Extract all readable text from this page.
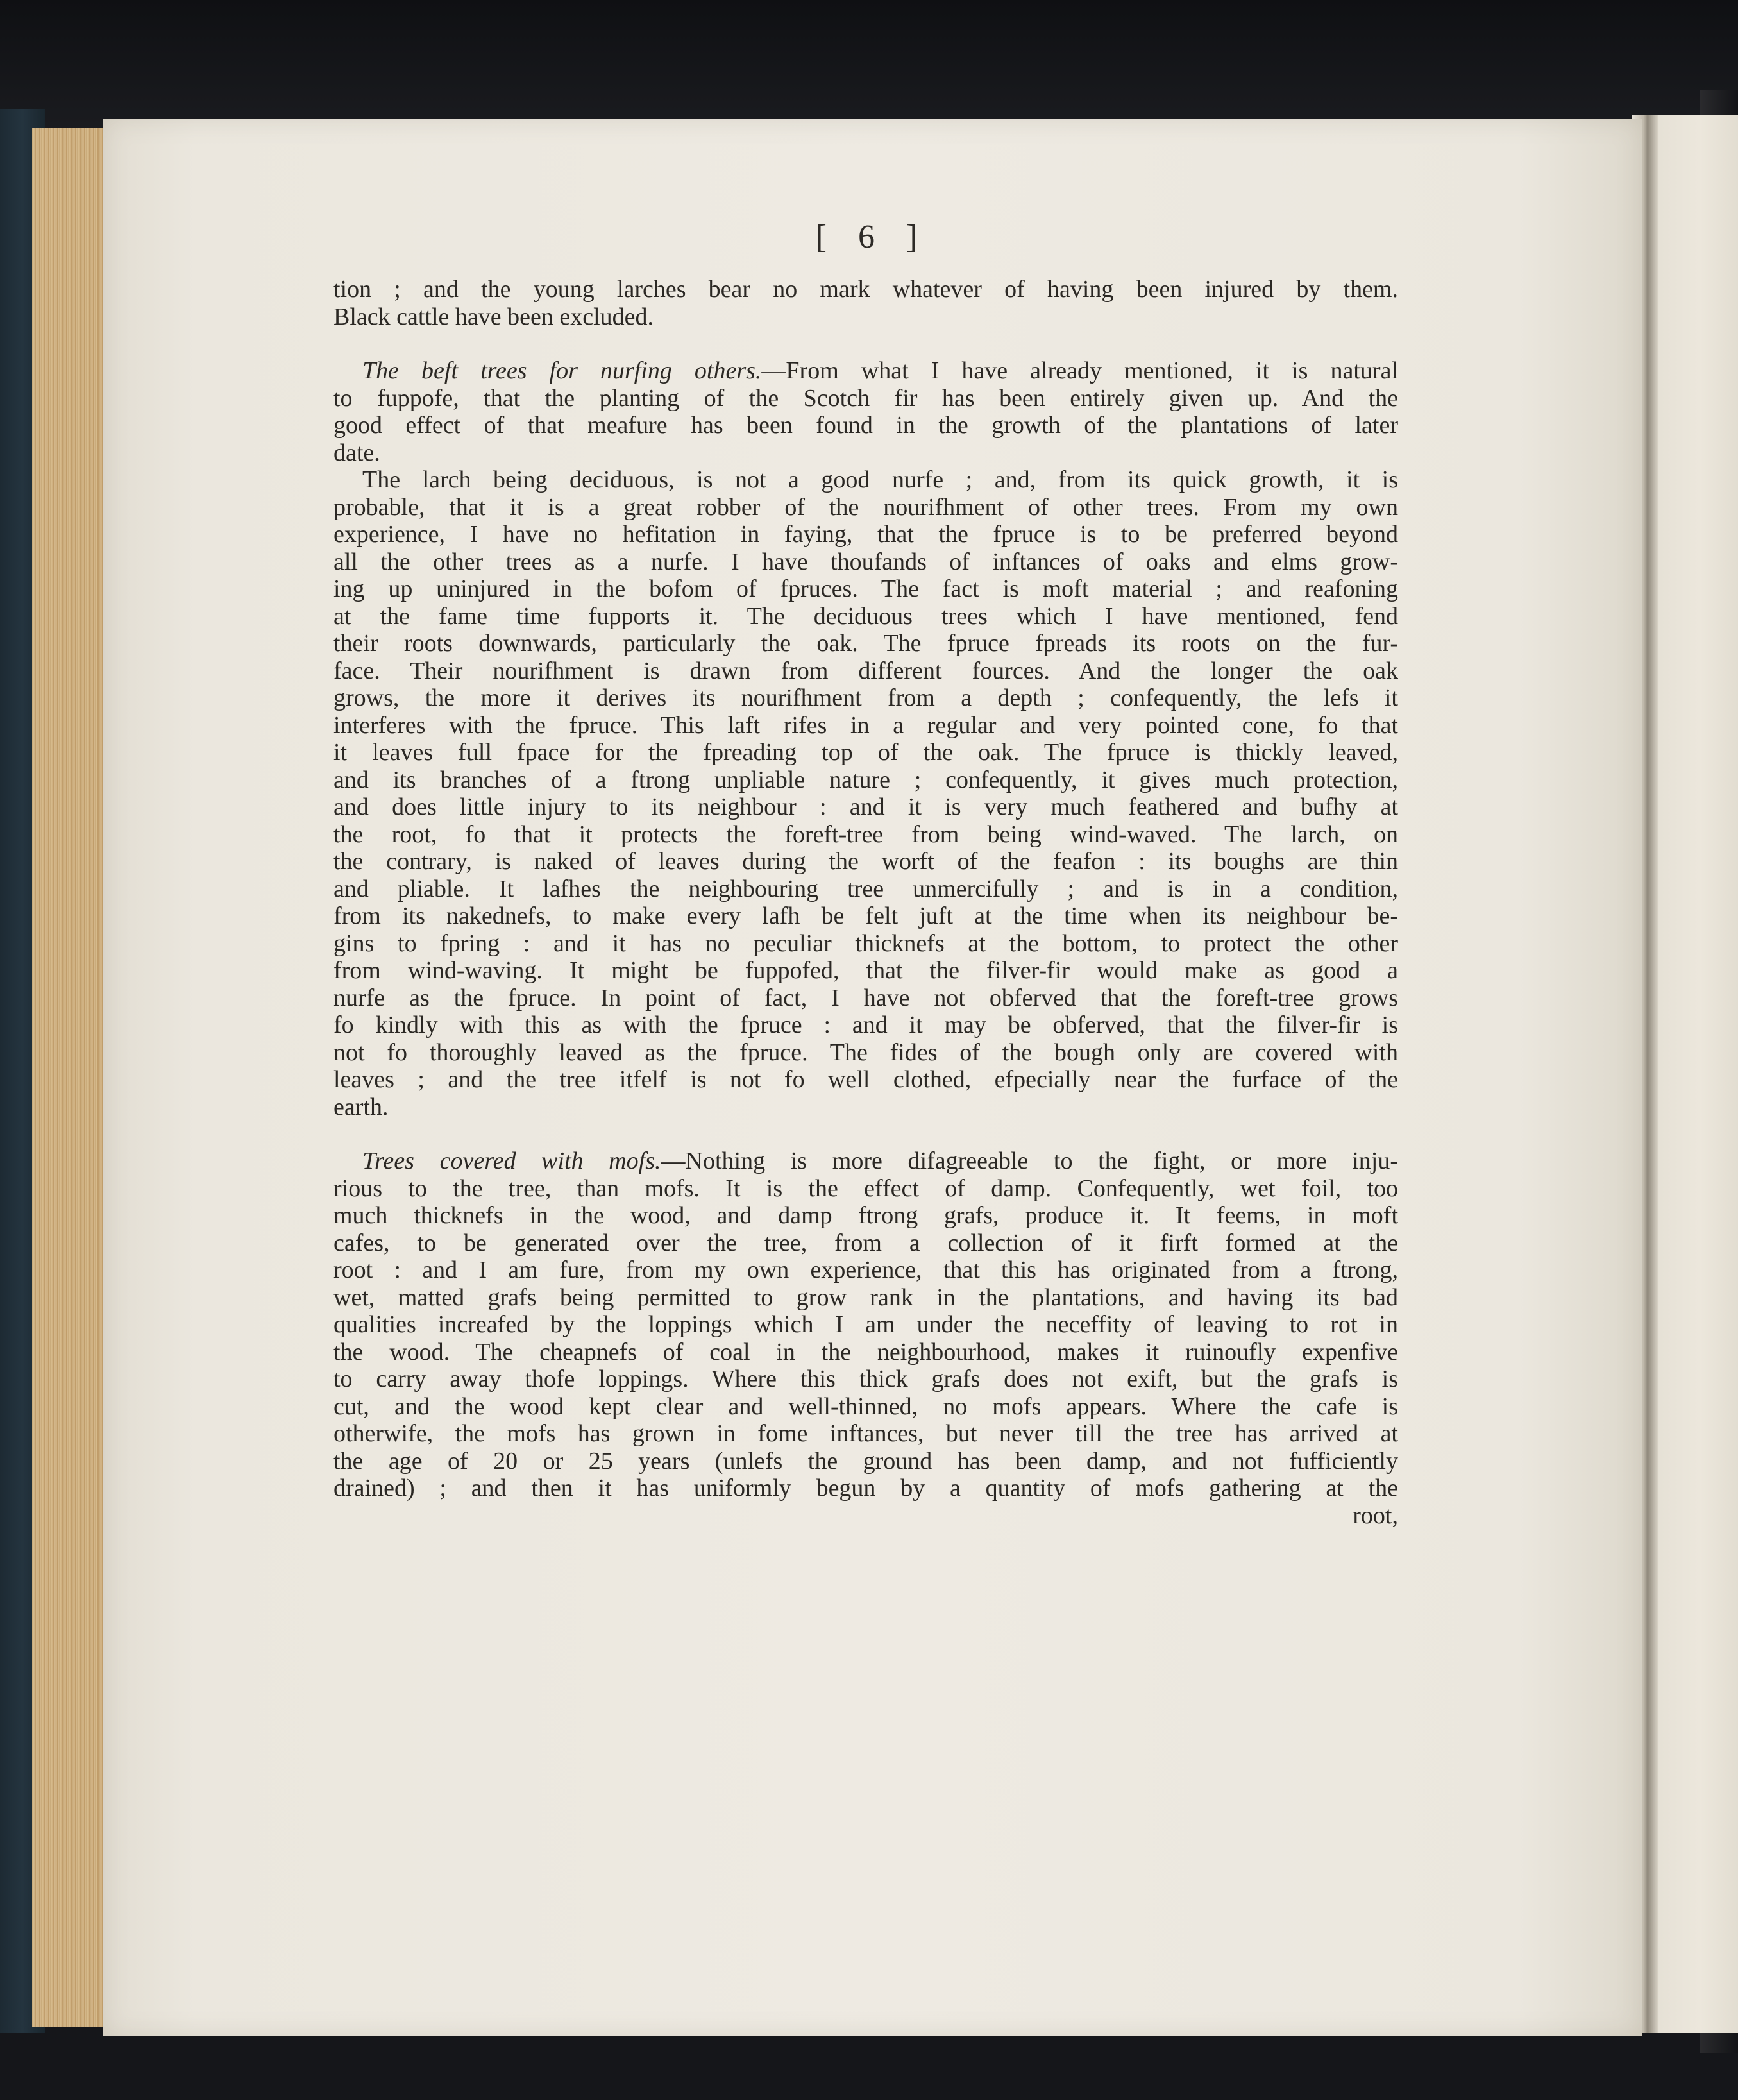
[ 6 ]
tion ; and the young larches bear no mark whatever of having been injured by them.
Black cattle have been excluded.
The beft trees for nurfing others.—From what I have already mentioned, it is natural
to fuppofe, that the planting of the Scotch fir has been entirely given up. And the
good effect of that meafure has been found in the growth of the plantations of later
date.
The larch being deciduous, is not a good nurfe ; and, from its quick growth, it is
probable, that it is a great robber of the nourifhment of other trees. From my own
experience, I have no hefitation in faying, that the fpruce is to be preferred beyond
all the other trees as a nurfe. I have thoufands of inftances of oaks and elms grow-
ing up uninjured in the bofom of fpruces. The fact is moft material ; and reafoning
at the fame time fupports it. The deciduous trees which I have mentioned, fend
their roots downwards, particularly the oak. The fpruce fpreads its roots on the fur-
face. Their nourifhment is drawn from different fources. And the longer the oak
grows, the more it derives its nourifhment from a depth ; confequently, the lefs it
interferes with the fpruce. This laft rifes in a regular and very pointed cone, fo that
it leaves full fpace for the fpreading top of the oak. The fpruce is thickly leaved,
and its branches of a ftrong unpliable nature ; confequently, it gives much protection,
and does little injury to its neighbour : and it is very much feathered and bufhy at
the root, fo that it protects the foreft-tree from being wind-waved. The larch, on
the contrary, is naked of leaves during the worft of the feafon : its boughs are thin
and pliable. It lafhes the neighbouring tree unmercifully ; and is in a condition,
from its nakednefs, to make every lafh be felt juft at the time when its neighbour be-
gins to fpring : and it has no peculiar thicknefs at the bottom, to protect the other
from wind-waving. It might be fuppofed, that the filver-fir would make as good a
nurfe as the fpruce. In point of fact, I have not obferved that the foreft-tree grows
fo kindly with this as with the fpruce : and it may be obferved, that the filver-fir is
not fo thoroughly leaved as the fpruce. The fides of the bough only are covered with
leaves ; and the tree itfelf is not fo well clothed, efpecially near the furface of the
earth.
Trees covered with mofs.—Nothing is more difagreeable to the fight, or more inju-
rious to the tree, than mofs. It is the effect of damp. Confequently, wet foil, too
much thicknefs in the wood, and damp ftrong grafs, produce it. It feems, in moft
cafes, to be generated over the tree, from a collection of it firft formed at the
root : and I am fure, from my own experience, that this has originated from a ftrong,
wet, matted grafs being permitted to grow rank in the plantations, and having its bad
qualities increafed by the loppings which I am under the neceffity of leaving to rot in
the wood. The cheapnefs of coal in the neighbourhood, makes it ruinoufly expenfive
to carry away thofe loppings. Where this thick grafs does not exift, but the grafs is
cut, and the wood kept clear and well-thinned, no mofs appears. Where the cafe is
otherwife, the mofs has grown in fome inftances, but never till the tree has arrived at
the age of 20 or 25 years (unlefs the ground has been damp, and not fufficiently
drained) ; and then it has uniformly begun by a quantity of mofs gathering at the
root,
